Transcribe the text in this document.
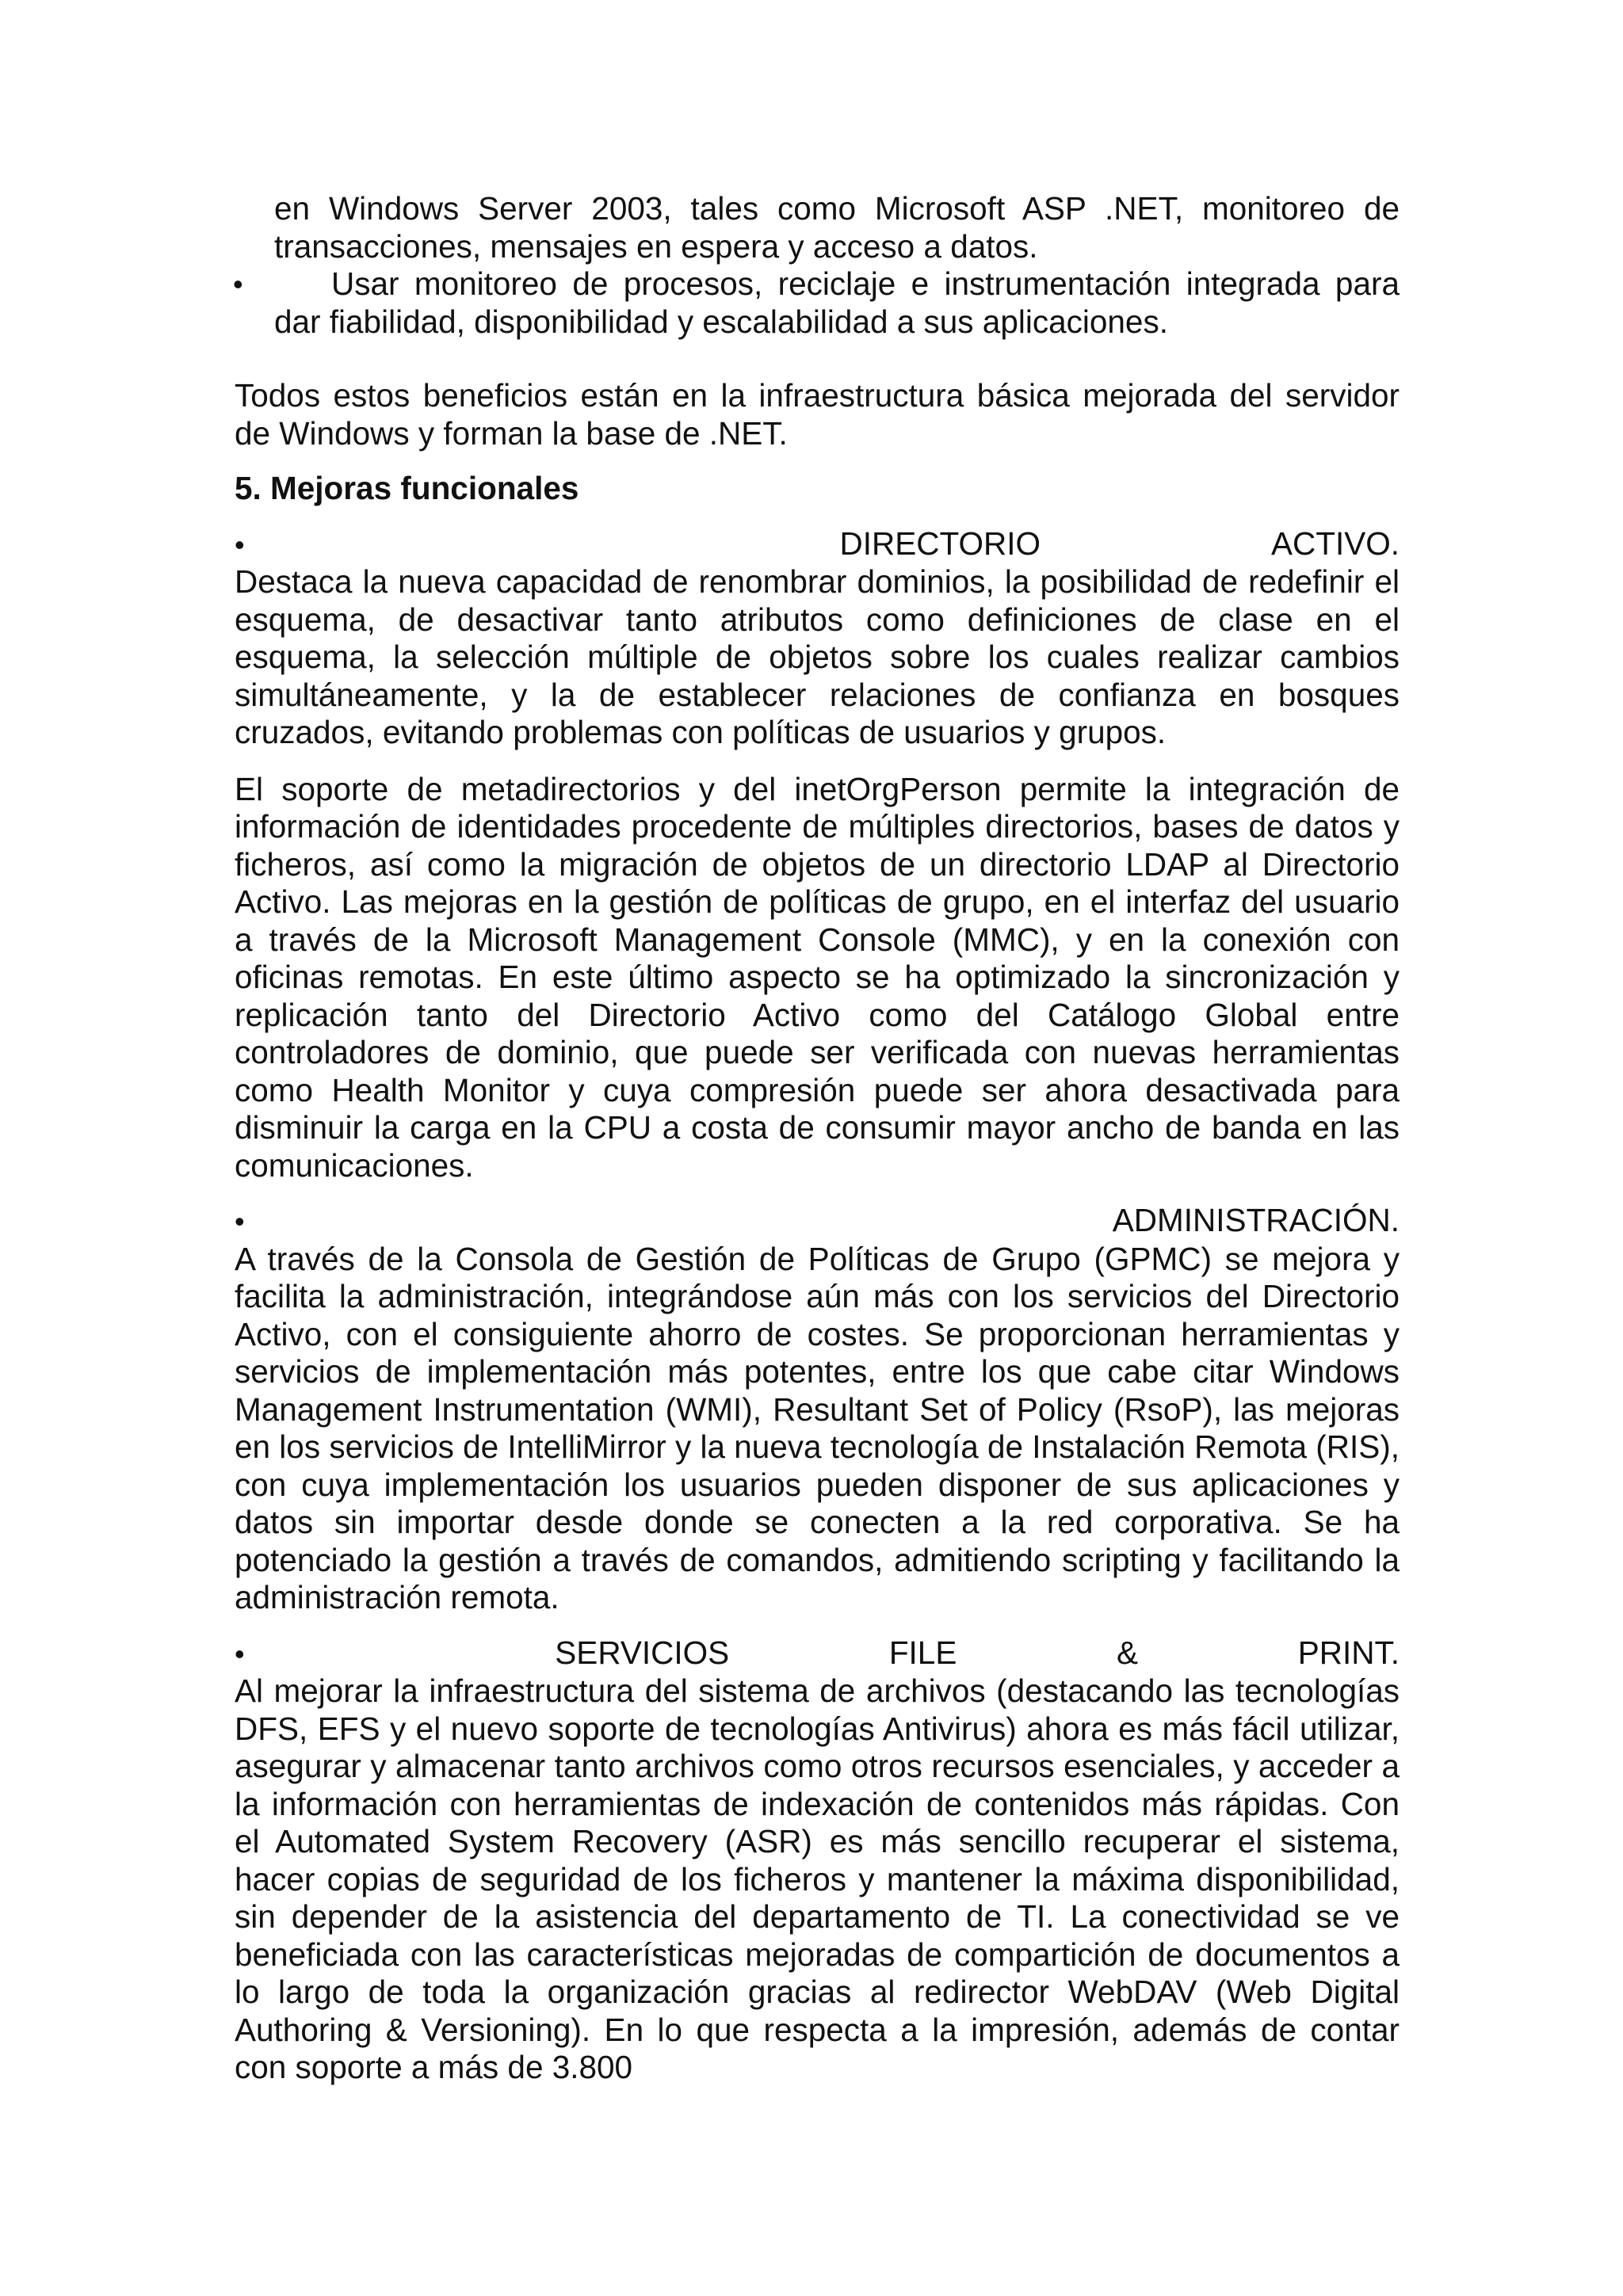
en Windows Server 2003, tales como Microsoft ASP .NET, monitoreo de transacciones, mensajes en espera y acceso a datos.

•	Usar monitoreo de procesos, reciclaje e instrumentación integrada para dar fiabilidad, disponibilidad y escalabilidad a sus aplicaciones.

Todos estos beneficios están en la infraestructura básica mejorada del servidor de Windows y forman la base de .NET.

5. Mejoras funcionales

•	DIRECTORIO	ACTIVO.

Destaca la nueva capacidad de renombrar dominios, la posibilidad de redefinir el esquema, de desactivar tanto atributos como definiciones de clase en el esquema, la selección múltiple de objetos sobre los cuales realizar cambios simultáneamente, y la de establecer relaciones de confianza en bosques cruzados, evitando problemas con políticas de usuarios y grupos.

El soporte de metadirectorios y del inetOrgPerson permite la integración de información de identidades procedente de múltiples directorios, bases de datos y ficheros, así como la migración de objetos de un directorio LDAP al Directorio Activo. Las mejoras en la gestión de políticas de grupo, en el interfaz del usuario a través de la Microsoft Management Console (MMC), y en la conexión con oficinas remotas. En este último aspecto se ha optimizado la sincronización y replicación tanto del Directorio Activo como del Catálogo Global entre controladores de dominio, que puede ser verificada con nuevas herramientas como Health Monitor y cuya compresión puede ser ahora desactivada para disminuir la carga en la CPU a costa de consumir mayor ancho de banda en las comunicaciones.

•	ADMINISTRACIÓN.

A través de la Consola de Gestión de Políticas de Grupo (GPMC) se mejora y facilita la administración, integrándose aún más con los servicios del Directorio Activo, con el consiguiente ahorro de costes. Se proporcionan herramientas y servicios de implementación más potentes, entre los que cabe citar Windows Management Instrumentation (WMI), Resultant Set of Policy (RsoP), las mejoras en los servicios de IntelliMirror y la nueva tecnología de Instalación Remota (RIS), con cuya implementación los usuarios pueden disponer de sus aplicaciones y datos sin importar desde donde se conecten a la red corporativa. Se ha potenciado la gestión a través de comandos, admitiendo scripting y facilitando la administración remota.

•	SERVICIOS	FILE	&	PRINT.

Al mejorar la infraestructura del sistema de archivos (destacando las tecnologías DFS, EFS y el nuevo soporte de tecnologías Antivirus) ahora es más fácil utilizar, asegurar y almacenar tanto archivos como otros recursos esenciales, y acceder a la información con herramientas de indexación de contenidos más rápidas. Con el Automated System Recovery (ASR) es más sencillo recuperar el sistema, hacer copias de seguridad de los ficheros y mantener la máxima disponibilidad, sin depender de la asistencia del departamento de TI. La conectividad se ve beneficiada con las características mejoradas de compartición de documentos a lo largo de toda la organización gracias al redirector WebDAV (Web Digital Authoring & Versioning). En lo que respecta a la impresión, además de contar con soporte a más de 3.800
